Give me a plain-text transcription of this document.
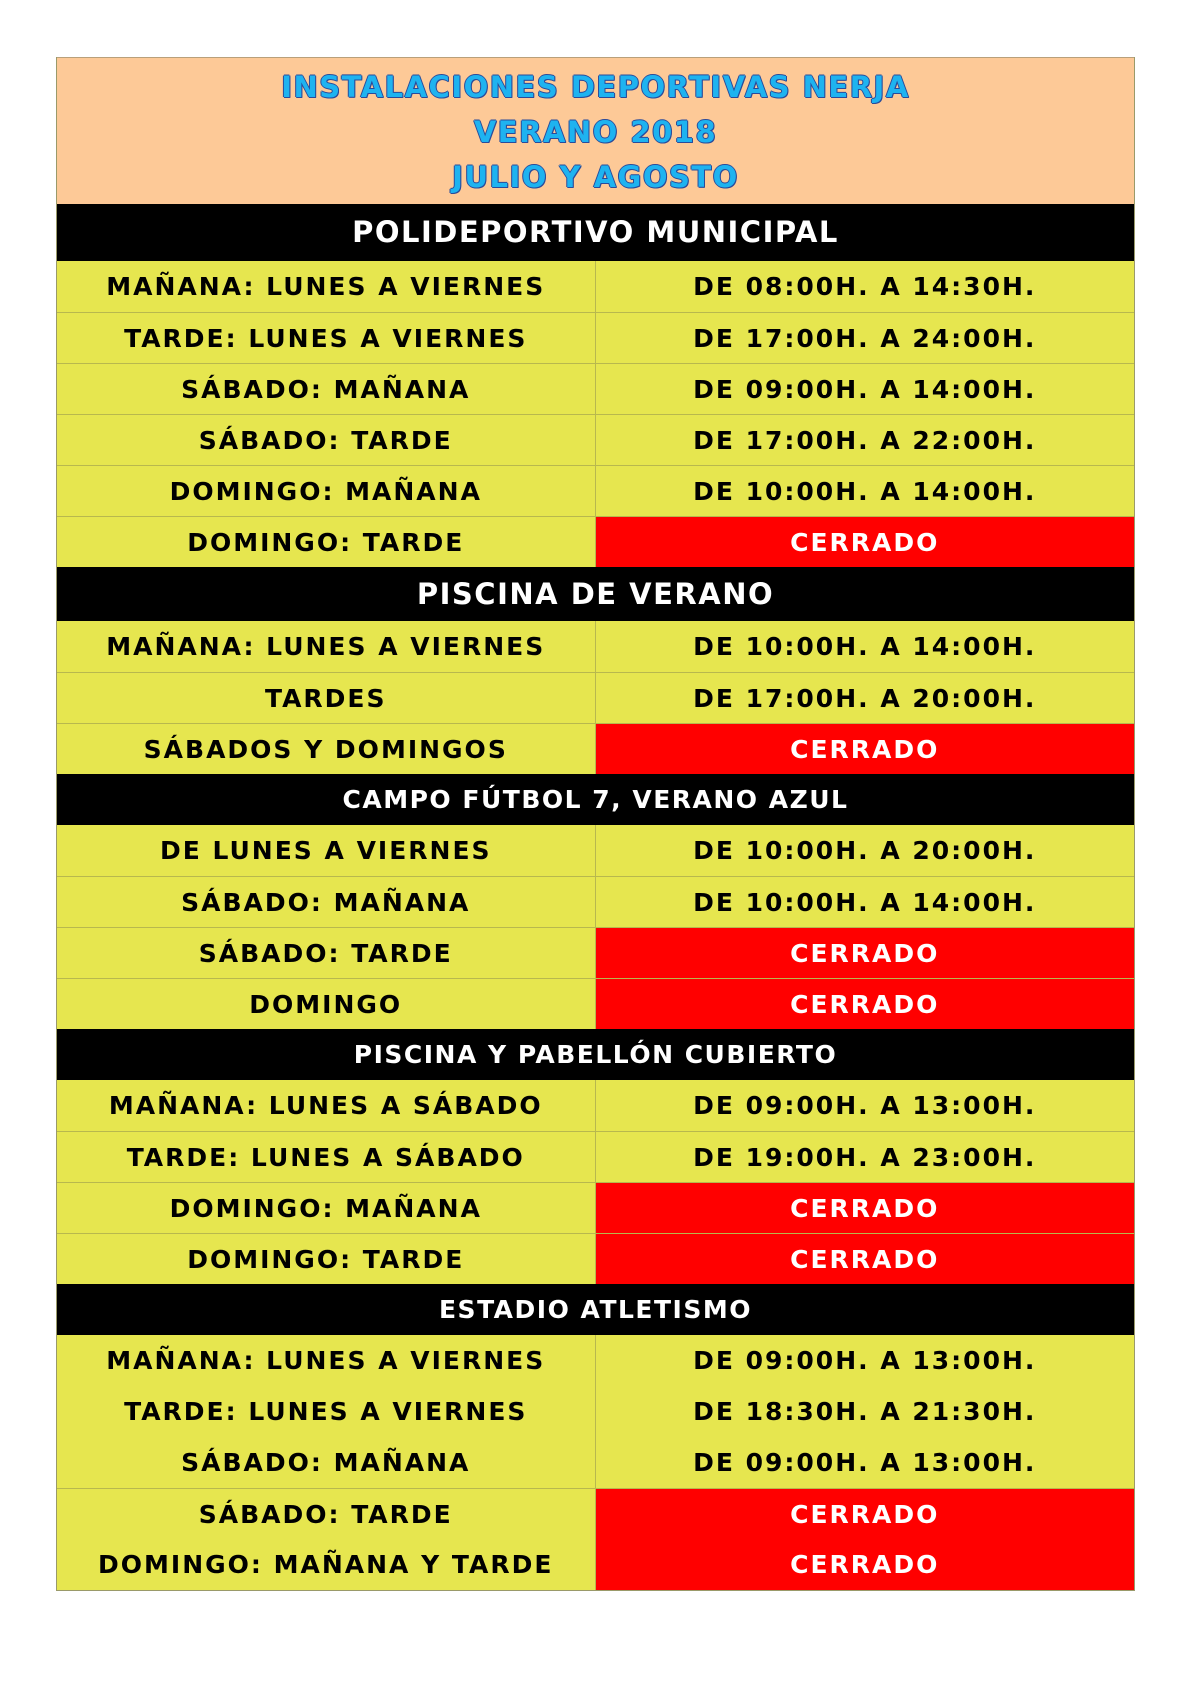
INSTALACIONES DEPORTIVAS NERJA
VERANO 2018
JULIO Y AGOSTO
POLIDEPORTIVO MUNICIPAL
MAÑANA: LUNES A VIERNES	DE 08:00H. A 14:30H.
TARDE: LUNES A VIERNES	DE 17:00H. A 24:00H.
SÁBADO: MAÑANA	DE 09:00H. A 14:00H.
SÁBADO: TARDE	DE 17:00H. A 22:00H.
DOMINGO: MAÑANA	DE 10:00H. A 14:00H.
DOMINGO: TARDE	CERRADO
PISCINA DE VERANO
MAÑANA: LUNES A VIERNES	DE 10:00H. A 14:00H.
TARDES	DE 17:00H. A 20:00H.
SÁBADOS Y DOMINGOS	CERRADO
CAMPO FÚTBOL 7, VERANO AZUL
DE LUNES A VIERNES	DE 10:00H. A 20:00H.
SÁBADO: MAÑANA	DE 10:00H. A 14:00H.
SÁBADO: TARDE	CERRADO
DOMINGO	CERRADO
PISCINA Y PABELLÓN CUBIERTO
MAÑANA: LUNES A SÁBADO	DE 09:00H. A 13:00H.
TARDE: LUNES A SÁBADO	DE 19:00H. A 23:00H.
DOMINGO: MAÑANA	CERRADO
DOMINGO: TARDE	CERRADO
ESTADIO ATLETISMO
MAÑANA: LUNES A VIERNES	DE 09:00H. A 13:00H.
TARDE: LUNES A VIERNES	DE 18:30H. A 21:30H.
SÁBADO: MAÑANA	DE 09:00H. A 13:00H.
SÁBADO: TARDE	CERRADO
DOMINGO: MAÑANA Y TARDE	CERRADO
